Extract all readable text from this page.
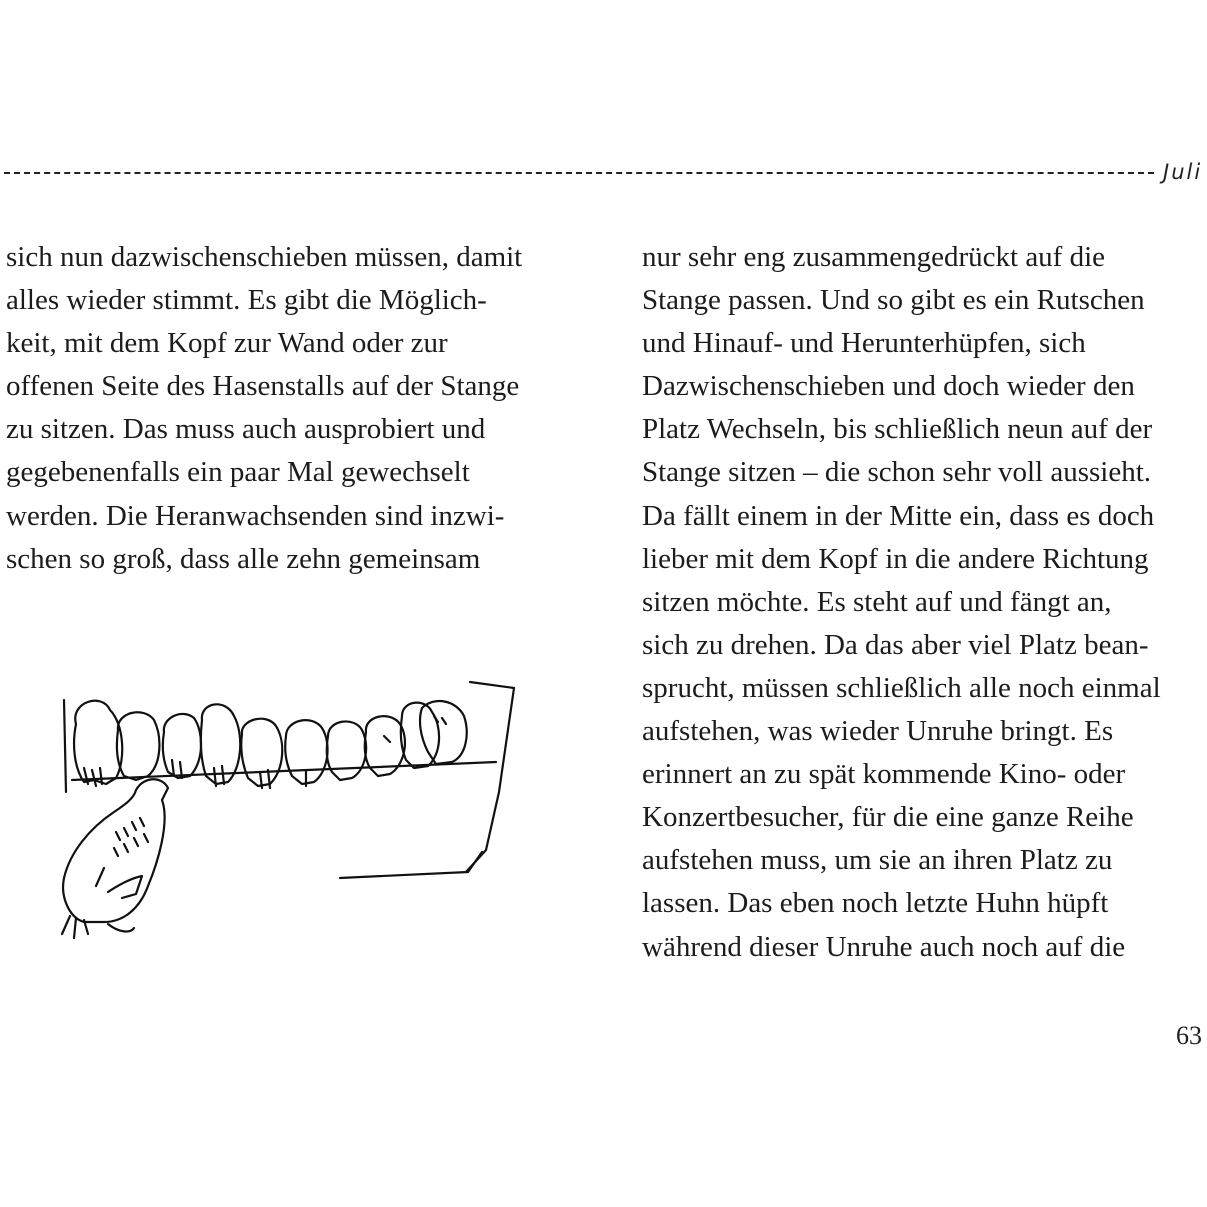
Juli
sich nun dazwischenschieben müssen, damit
alles wieder stimmt. Es gibt die Möglich-
keit, mit dem Kopf zur Wand oder zur
offenen Seite des Hasenstalls auf der Stange
zu sitzen. Das muss auch ausprobiert und
gegebenenfalls ein paar Mal gewechselt
werden. Die Heranwachsenden sind inzwi-
schen so groß, dass alle zehn gemeinsam
nur sehr eng zusammengedrückt auf die
Stange passen. Und so gibt es ein Rutschen
und Hinauf- und Herunterhüpfen, sich
Dazwischenschieben und doch wieder den
Platz Wechseln, bis schließlich neun auf der
Stange sitzen – die schon sehr voll aussieht.
Da fällt einem in der Mitte ein, dass es doch
lieber mit dem Kopf in die andere Richtung
sitzen möchte. Es steht auf und fängt an,
sich zu drehen. Da das aber viel Platz bean-
sprucht, müssen schließlich alle noch einmal
aufstehen, was wieder Unruhe bringt. Es
erinnert an zu spät kommende Kino- oder
Konzertbesucher, für die eine ganze Reihe
aufstehen muss, um sie an ihren Platz zu
lassen. Das eben noch letzte Huhn hüpft
während dieser Unruhe auch noch auf die
63
